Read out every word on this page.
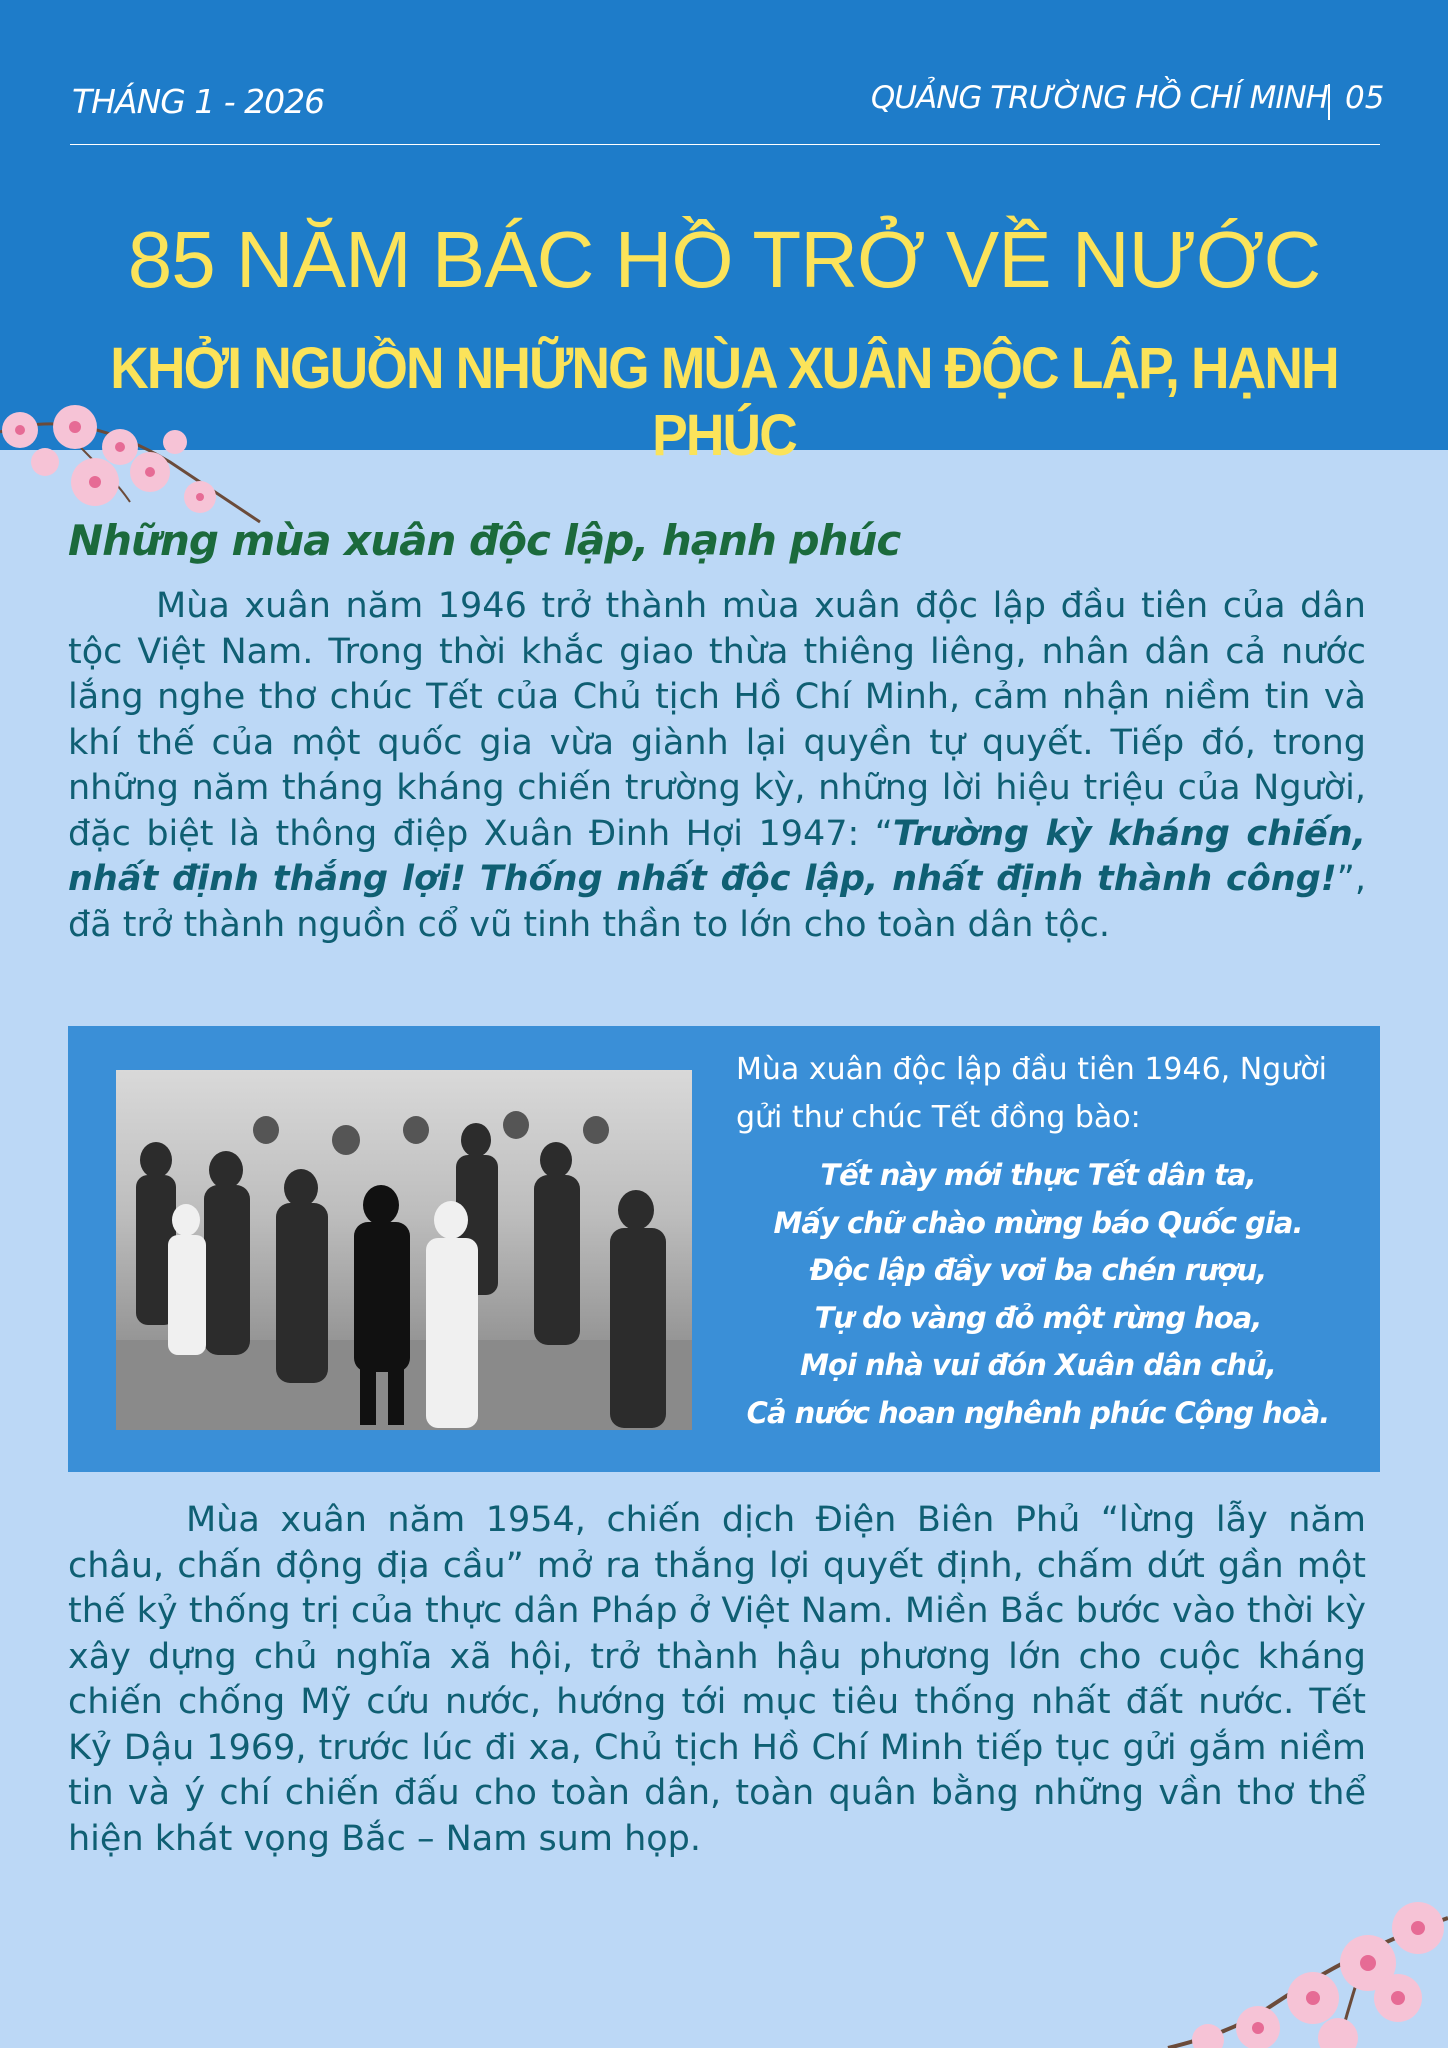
THÁNG 1 - 2026	QUẢNG TRƯỜNG HỒ CHÍ MINH 05
85 NĂM BÁC HỒ TRỞ VỀ NƯỚC
KHỞI NGUỒN NHỮNG MÙA XUÂN ĐỘC LẬP, HẠNH PHÚC
Những mùa xuân độc lập, hạnh phúc

Mùa xuân năm 1946 trở thành mùa xuân độc lập đầu tiên của dân tộc Việt Nam. Trong thời khắc giao thừa thiêng liêng, nhân dân cả nước lắng nghe thơ chúc Tết của Chủ tịch Hồ Chí Minh, cảm nhận niềm tin và khí thế của một quốc gia vừa giành lại quyền tự quyết. Tiếp đó, trong những năm tháng kháng chiến trường kỳ, những lời hiệu triệu của Người, đặc biệt là thông điệp Xuân Đinh Hợi 1947: “Trường kỳ kháng chiến, nhất định thắng lợi! Thống nhất độc lập, nhất định thành công!”, đã trở thành nguồn cổ vũ tinh thần to lớn cho toàn dân tộc.

Mùa xuân độc lập đầu tiên 1946, Người gửi thư chúc Tết đồng bào:
Tết này mới thực Tết dân ta,
Mấy chữ chào mừng báo Quốc gia.
Độc lập đầy vơi ba chén rượu,
Tự do vàng đỏ một rừng hoa,
Mọi nhà vui đón Xuân dân chủ,
Cả nước hoan nghênh phúc Cộng hoà.

Mùa xuân năm 1954, chiến dịch Điện Biên Phủ “lừng lẫy năm châu, chấn động địa cầu” mở ra thắng lợi quyết định, chấm dứt gần một thế kỷ thống trị của thực dân Pháp ở Việt Nam. Miền Bắc bước vào thời kỳ xây dựng chủ nghĩa xã hội, trở thành hậu phương lớn cho cuộc kháng chiến chống Mỹ cứu nước, hướng tới mục tiêu thống nhất đất nước. Tết Kỷ Dậu 1969, trước lúc đi xa, Chủ tịch Hồ Chí Minh tiếp tục gửi gắm niềm tin và ý chí chiến đấu cho toàn dân, toàn quân bằng những vần thơ thể hiện khát vọng Bắc – Nam sum họp.
